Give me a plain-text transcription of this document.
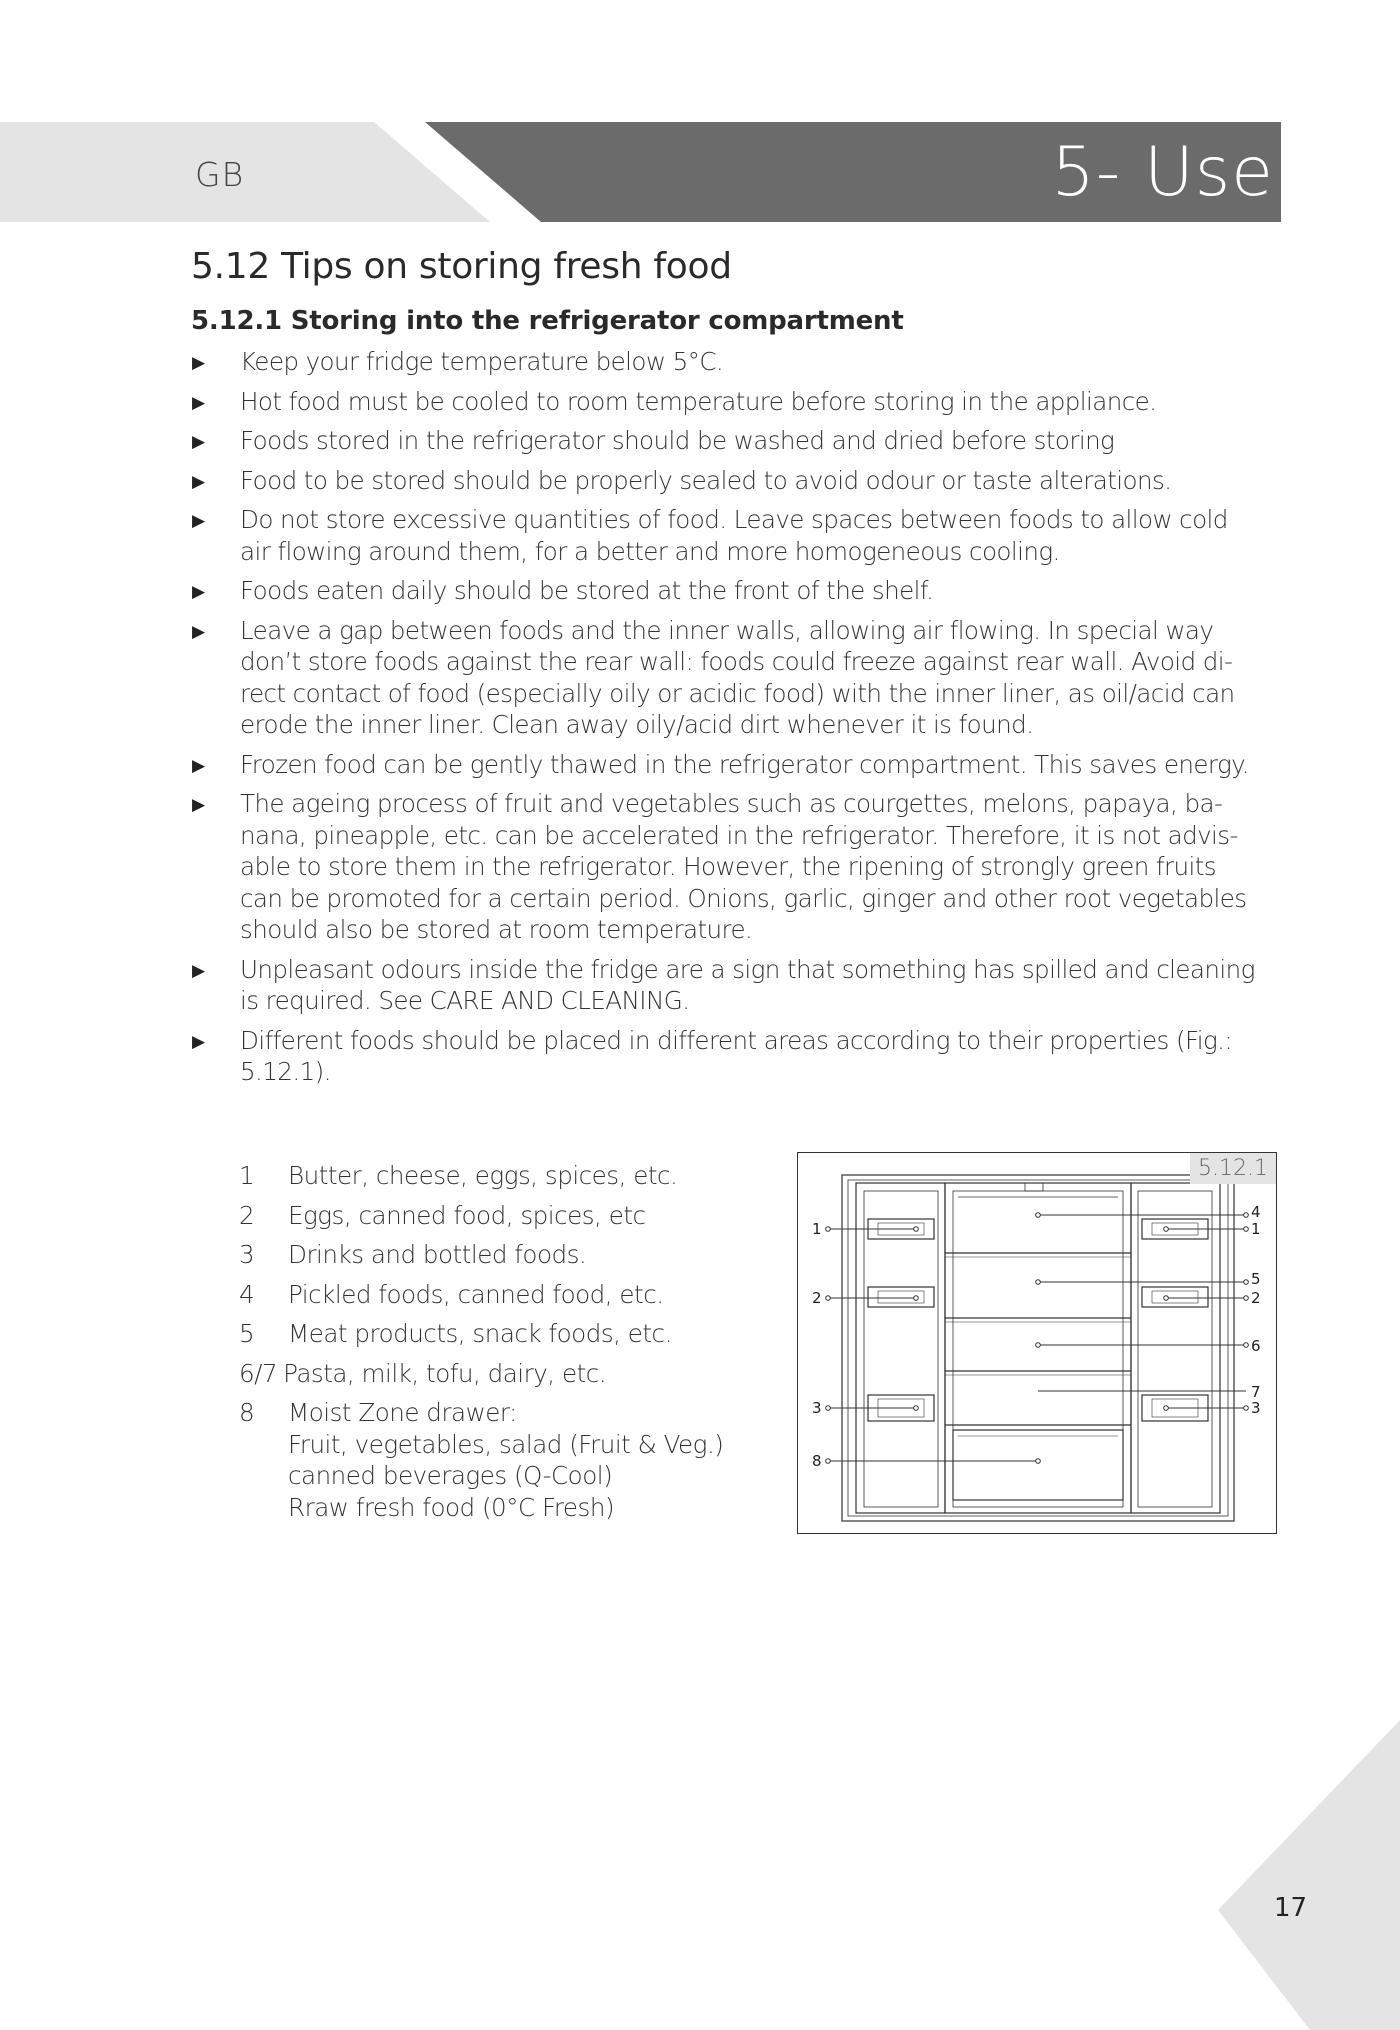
GB	5- Use
5.12 Tips on storing fresh food
5.12.1 Storing into the refrigerator compartment
▶ Keep your fridge temperature below 5°C.
▶ Hot food must be cooled to room temperature before storing in the appliance.
▶ Foods stored in the refrigerator should be washed and dried before storing
▶ Food to be stored should be properly sealed to avoid odour or taste alterations.
▶ Do not store excessive quantities of food. Leave spaces between foods to allow cold air flowing around them, for a better and more homogeneous cooling.
▶ Foods eaten daily should be stored at the front of the shelf.
▶ Leave a gap between foods and the inner walls, allowing air flowing. In special way don’t store foods against the rear wall: foods could freeze against rear wall. Avoid direct contact of food (especially oily or acidic food) with the inner liner, as oil/acid can erode the inner liner. Clean away oily/acid dirt whenever it is found.
▶ Frozen food can be gently thawed in the refrigerator compartment. This saves energy.
▶ The ageing process of fruit and vegetables such as courgettes, melons, papaya, banana, pineapple, etc. can be accelerated in the refrigerator. Therefore, it is not advisable to store them in the refrigerator. However, the ripening of strongly green fruits can be promoted for a certain period. Onions, garlic, ginger and other root vegetables should also be stored at room temperature.
▶ Unpleasant odours inside the fridge are a sign that something has spilled and cleaning is required. See CARE AND CLEANING.
▶ Different foods should be placed in different areas according to their properties (Fig.: 5.12.1).
1	Butter, cheese, eggs, spices, etc.
2	Eggs, canned food, spices, etc
3	Drinks and bottled foods.
4	Pickled foods, canned food, etc.
5	Meat products, snack foods, etc.
6/7 Pasta, milk, tofu, dairy, etc.
8	Moist Zone drawer:
Fruit, vegetables, salad (Fruit & Veg.)
canned beverages (Q-Cool)
Rraw fresh food (0°C Fresh)
1
2
3
8
4
1
5
2
6
7
3
5.12.1
17
